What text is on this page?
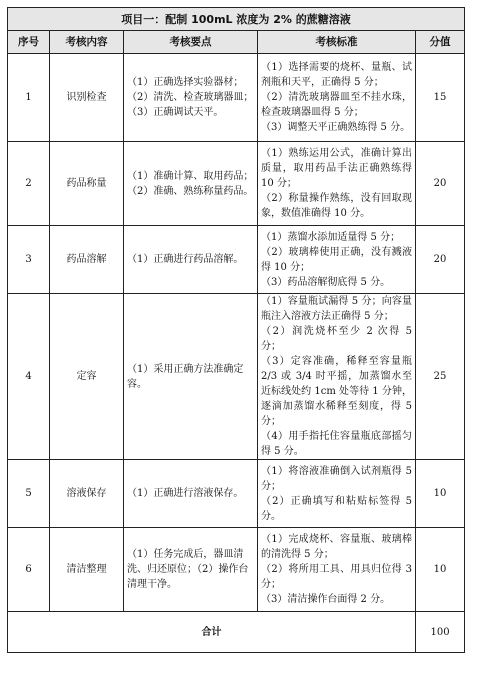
项目一：配制 100mL 浓度为 2% 的蔗糖溶液				
序号	考核内容	考核要点	考核标准	分值
1	识别检查	（1）正确选择实验器材；（2）清洗、检查玻璃器皿；（3）正确调试天平。	（1）选择需要的烧杯、量瓶、试剂瓶和天平，正确得 5 分；
（2）清洗玻璃器皿至不挂水珠，检查玻璃器皿得 5 分；
（3）调整天平正确熟练得 5 分。	15
2	药品称量	（1）准确计算、取用药品；（2）准确、熟练称量药品。	（1）熟练运用公式，准确计算出质量，取用药品手法正确熟练得 10 分；
（2）称量操作熟练，没有回取现象，数值准确得 10 分。	20
3	药品溶解	（1）正确进行药品溶解。	（1）蒸馏水添加适量得 5 分；
（2）玻璃棒使用正确，没有溅液得 10 分；
（3）药品溶解彻底得 5 分。	20
4	定容	（1）采用正确方法准确定容。	（1）容量瓶试漏得 5 分；向容量瓶注入溶液方法正确得 5 分；
（2）润洗烧杯至少 2 次得 5 分；
（3）定容准确，稀释至容量瓶 2/3 或 3/4 时平摇，加蒸馏水至近标线处约 1cm 处等待 1 分钟，逐滴加蒸馏水稀释至刻度，得 5 分；
（4）用手指托住容量瓶底部摇匀得 5 分。	25
5	溶液保存	（1）正确进行溶液保存。	（1）将溶液准确倒入试剂瓶得 5 分；
（2）正确填写和粘贴标签得 5 分。	10
6	清洁整理	（1）任务完成后，器皿清洗、归还原位；（2）操作台清理干净。	（1）完成烧杯、容量瓶、玻璃棒的清洗得 5 分；
（2）将所用工具、用具归位得 3 分；
（3）清洁操作台面得 2 分。	10
合计				100
